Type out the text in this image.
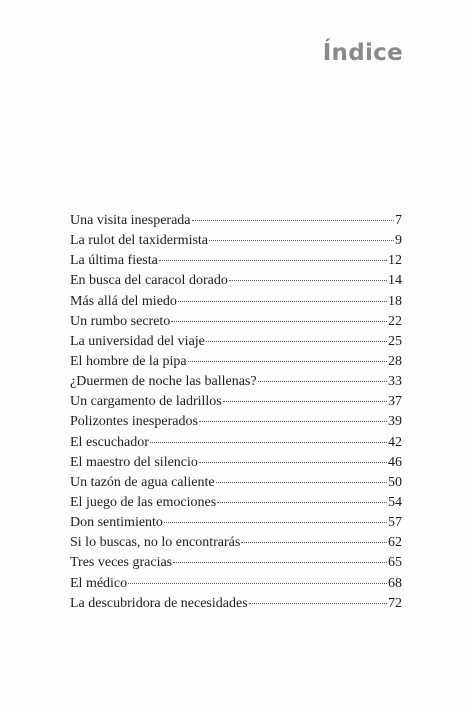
Índice
Una visita inesperada	7
La rulot del taxidermista	9
La última fiesta	12
En busca del caracol dorado	14
Más allá del miedo	18
Un rumbo secreto	22
La universidad del viaje	25
El hombre de la pipa	28
¿Duermen de noche las ballenas?	33
Un cargamento de ladrillos	37
Polizontes inesperados	39
El escuchador	42
El maestro del silencio	46
Un tazón de agua caliente	50
El juego de las emociones	54
Don sentimiento	57
Si lo buscas, no lo encontrarás	62
Tres veces gracias	65
El médico	68
La descubridora de necesidades	72
